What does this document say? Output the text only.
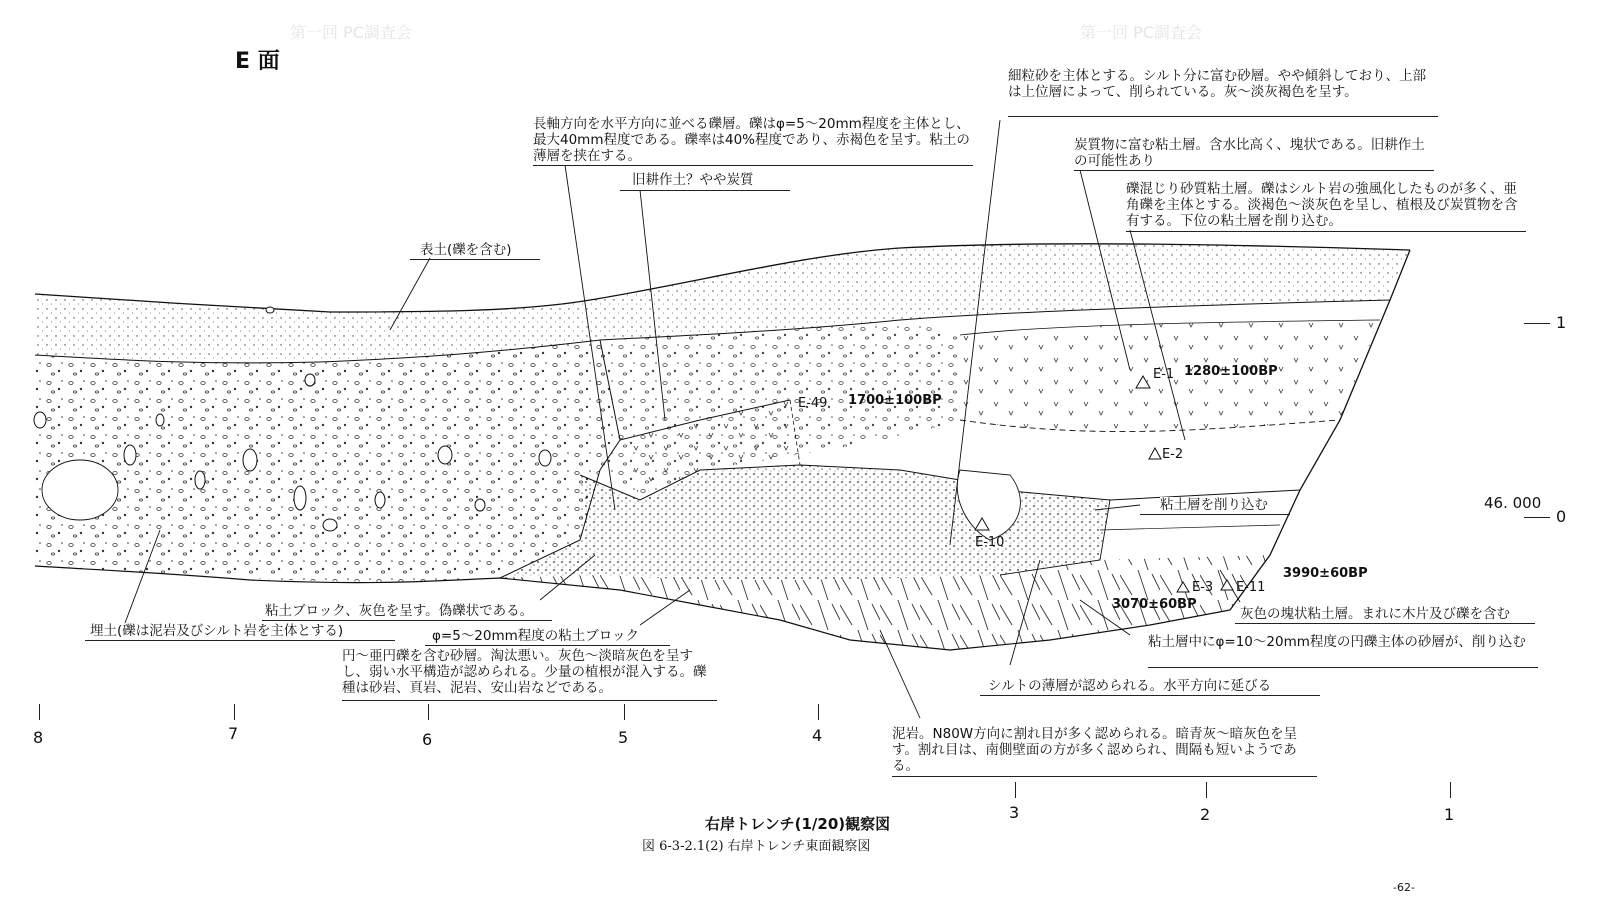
第一回 PC調査会	第一回 PC調査会
E 面
細粒砂を主体とする。シルト分に富む砂層。やや傾斜しており、上部は上位層によって、削られている。灰～淡灰褐色を呈す。
長軸方向を水平方向に並べる礫層。礫はφ=5～20mm程度を主体とし、最大40mm程度である。礫率は40%程度であり、赤褐色を呈す。粘土の薄層を挟在する。
炭質物に富む粘土層。含水比高く、塊状である。旧耕作土の可能性あり
旧耕作土？やや炭質
礫混じり砂質粘土層。礫はシルト岩の強風化したものが多く、亜角礫を主体とする。淡褐色～淡灰色を呈し、植根及び炭質物を含有する。下位の粘土層を削り込む。
表土(礫を含む)
粘土層を削り込む
粘土ブロック、灰色を呈す。偽礫状である。
埋土(礫は泥岩及びシルト岩を主体とする)	φ=5～20mm程度の粘土ブロック
円～亜円礫を含む砂層。淘汰悪い。灰色～淡暗灰色を呈すし、弱い水平構造が認められる。少量の植根が混入する。礫種は砂岩、頁岩、泥岩、安山岩などである。
灰色の塊状粘土層。まれに木片及び礫を含む
粘土層中にφ=10～20mm程度の円礫主体の砂層が、削り込む
シルトの薄層が認められる。水平方向に延びる
泥岩。N80W方向に割れ目が多く認められる。暗青灰～暗灰色を呈す。割れ目は、南側壁面の方が多く認められ、間隔も短いようである。
E-49
E-1
E-2
E-10
E-3 E-11
1700±100BP
1280±100BP
3990±60BP
3070±60BP
46. 000
1
0
8	7	6	5	4
3	2	1
右岸トレンチ(1/20)観察図
図 6-3-2.1(2) 右岸トレンチ東面観察図
-62-
